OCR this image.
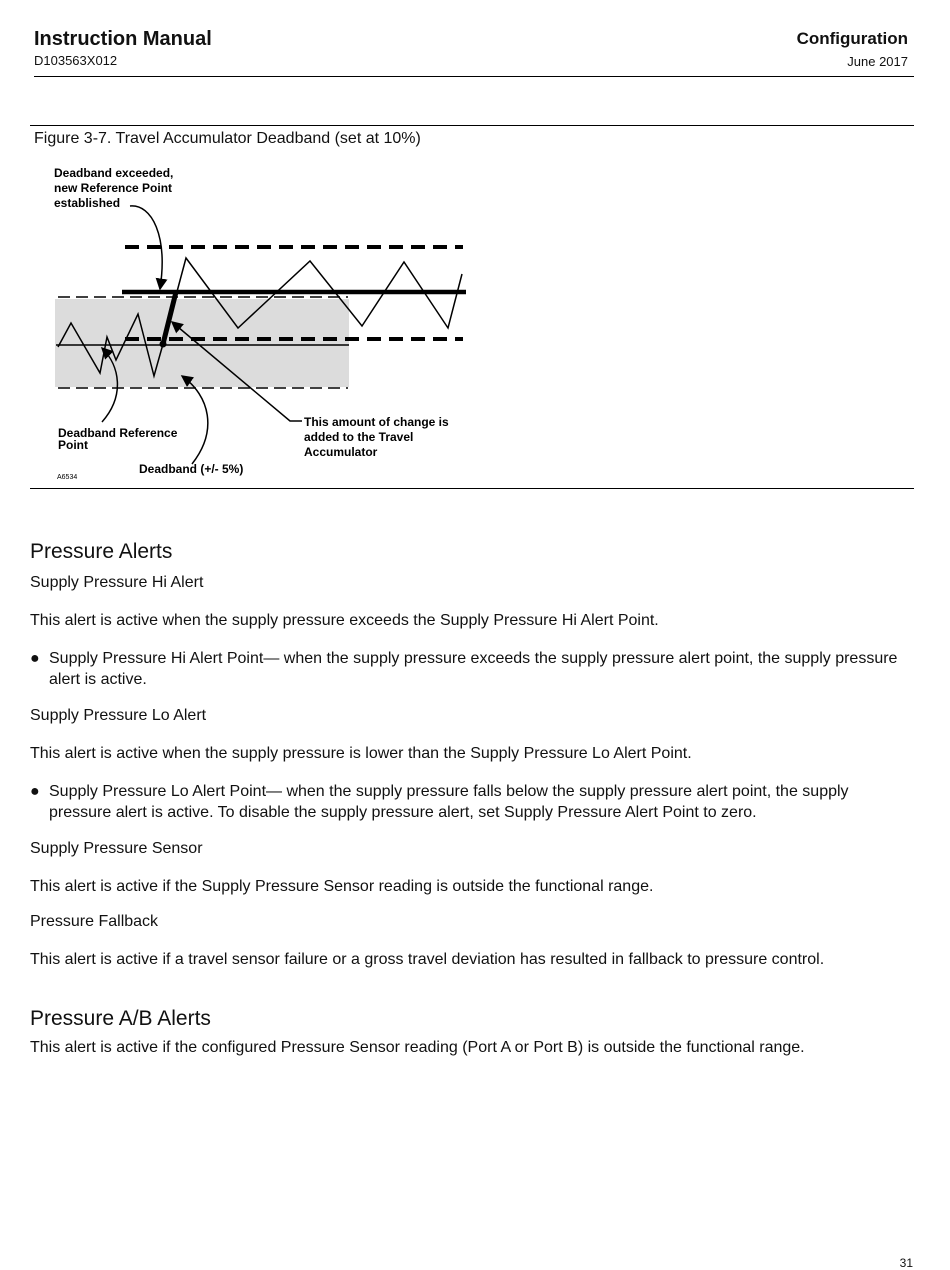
Instruction Manual
D103563X012
Configuration
June 2017
Deadband exceeded,
new Reference Point
established
Deadband Reference
Point
This amount of change is
added to the Travel
Accumulator
Deadband (+/- 5%)
A6534
Figure 3-7. Travel Accumulator Deadband (set at 10%)
Pressure Alerts
Supply Pressure Hi Alert

This alert is active when the supply pressure exceeds the Supply Pressure Hi Alert Point.

● Supply Pressure Hi Alert Point— when the supply pressure exceeds the supply pressure alert point, the supply pressure alert is active.
Supply Pressure Lo Alert

This alert is active when the supply pressure is lower than the Supply Pressure Lo Alert Point.

● Supply Pressure Lo Alert Point— when the supply pressure falls below the supply pressure alert point, the supply pressure alert is active. To disable the supply pressure alert, set Supply Pressure Alert Point to zero.
Supply Pressure Sensor

This alert is active if the Supply Pressure Sensor reading is outside the functional range.

Pressure Fallback

This alert is active if a travel sensor failure or a gross travel deviation has resulted in fallback to pressure control.

Pressure A/B Alerts

This alert is active if the configured Pressure Sensor reading (Port A or Port B) is outside the functional range.

31
